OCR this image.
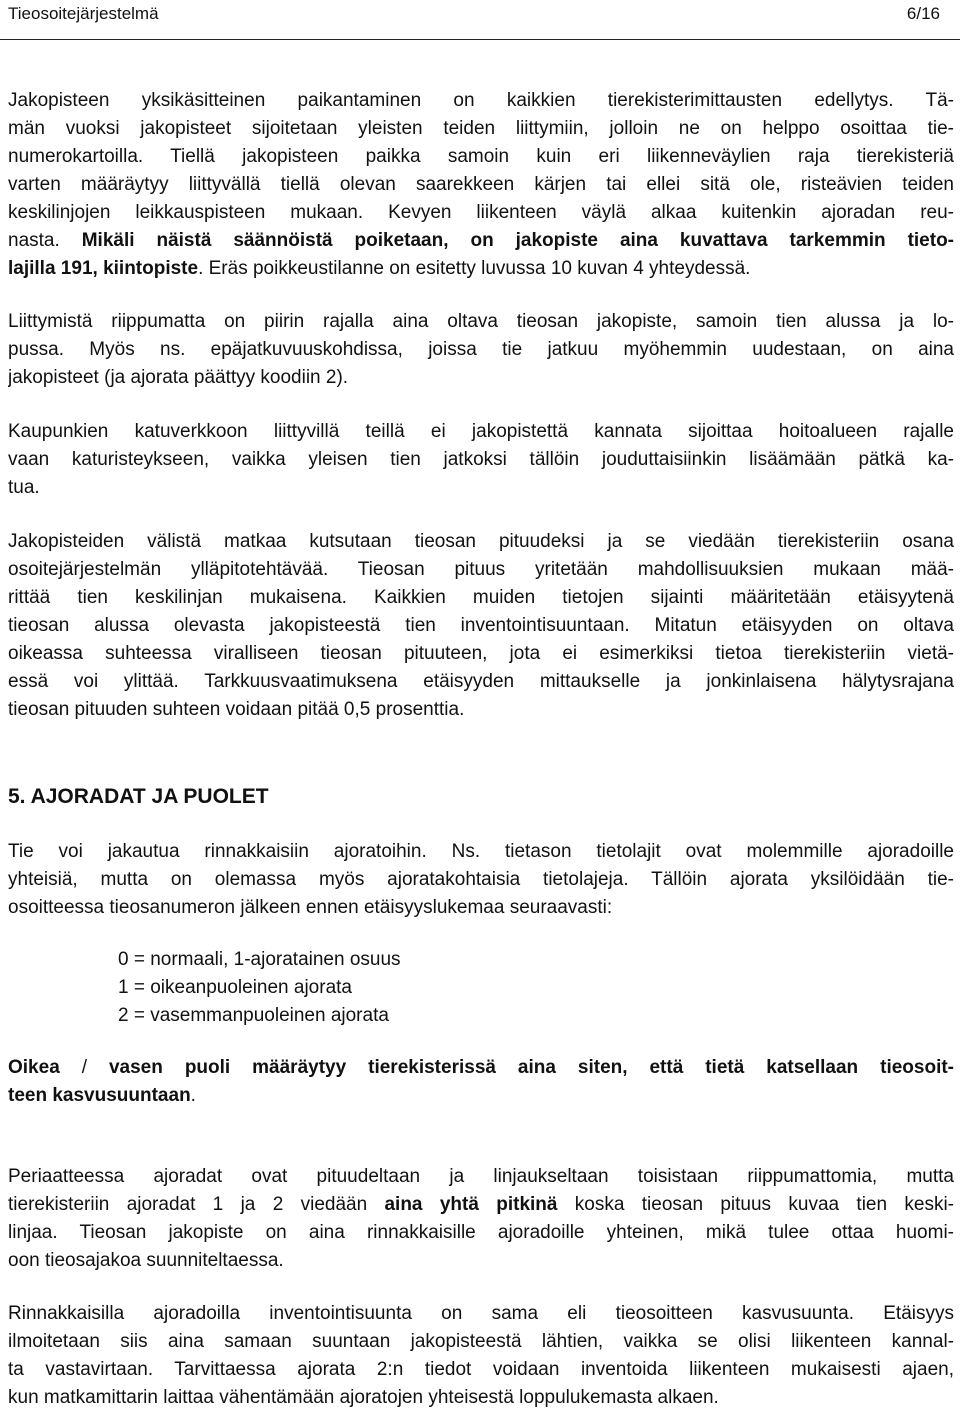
Tieosoitejärjestelmä	6/16
Jakopisteen yksikäsitteinen paikantaminen on kaikkien tierekisterimittausten edellytys. Tä-
män vuoksi jakopisteet sijoitetaan yleisten teiden liittymiin, jolloin ne on helppo osoittaa tie-
numerokartoilla. Tiellä jakopisteen paikka samoin kuin eri liikenneväylien raja tierekisteriä
varten määräytyy liittyvällä tiellä olevan saarekkeen kärjen tai ellei sitä ole, risteävien teiden
keskilinjojen leikkauspisteen mukaan. Kevyen liikenteen väylä alkaa kuitenkin ajoradan reu-
nasta. Mikäli näistä säännöistä poiketaan, on jakopiste aina kuvattava tarkemmin tieto-
lajilla 191, kiintopiste. Eräs poikkeustilanne on esitetty luvussa 10 kuvan 4 yhteydessä.
Liittymistä riippumatta on piirin rajalla aina oltava tieosan jakopiste, samoin tien alussa ja lo-
pussa. Myös ns. epäjatkuvuuskohdissa, joissa tie jatkuu myöhemmin uudestaan, on aina
jakopisteet (ja ajorata päättyy koodiin 2).
Kaupunkien katuverkkoon liittyvillä teillä ei jakopistettä kannata sijoittaa hoitoalueen rajalle
vaan katuristeykseen, vaikka yleisen tien jatkoksi tällöin jouduttaisiinkin lisäämään pätkä ka-
tua.
Jakopisteiden välistä matkaa kutsutaan tieosan pituudeksi ja se viedään tierekisteriin osana
osoitejärjestelmän ylläpitotehtävää. Tieosan pituus yritetään mahdollisuuksien mukaan mää-
rittää tien keskilinjan mukaisena. Kaikkien muiden tietojen sijainti määritetään etäisyytenä
tieosan alussa olevasta jakopisteestä tien inventointisuuntaan. Mitatun etäisyyden on oltava
oikeassa suhteessa viralliseen tieosan pituuteen, jota ei esimerkiksi tietoa tierekisteriin vietä-
essä voi ylittää. Tarkkuusvaatimuksena etäisyyden mittaukselle ja jonkinlaisena hälytysrajana
tieosan pituuden suhteen voidaan pitää 0,5 prosenttia.
5. AJORADAT JA PUOLET
Tie voi jakautua rinnakkaisiin ajoratoihin. Ns. tietason tietolajit ovat molemmille ajoradoille
yhteisiä, mutta on olemassa myös ajoratakohtaisia tietolajeja. Tällöin ajorata yksilöidään tie-
osoitteessa tieosanumeron jälkeen ennen etäisyyslukemaa seuraavasti:
0 = normaali, 1-ajoratainen osuus
1 = oikeanpuoleinen ajorata
2 = vasemmanpuoleinen ajorata
Oikea / vasen puoli määräytyy tierekisterissä aina siten, että tietä katsellaan tieosoit-
teen kasvusuuntaan.
Periaatteessa ajoradat ovat pituudeltaan ja linjaukseltaan toisistaan riippumattomia, mutta
tierekisteriin ajoradat 1 ja 2 viedään aina yhtä pitkinä koska tieosan pituus kuvaa tien keski-
linjaa. Tieosan jakopiste on aina rinnakkaisille ajoradoille yhteinen, mikä tulee ottaa huomi-
oon tieosajakoa suunniteltaessa.
Rinnakkaisilla ajoradoilla inventointisuunta on sama eli tieosoitteen kasvusuunta. Etäisyys
ilmoitetaan siis aina samaan suuntaan jakopisteestä lähtien, vaikka se olisi liikenteen kannal-
ta vastavirtaan. Tarvittaessa ajorata 2:n tiedot voidaan inventoida liikenteen mukaisesti ajaen,
kun matkamittarin laittaa vähentämään ajoratojen yhteisestä loppulukemasta alkaen.
